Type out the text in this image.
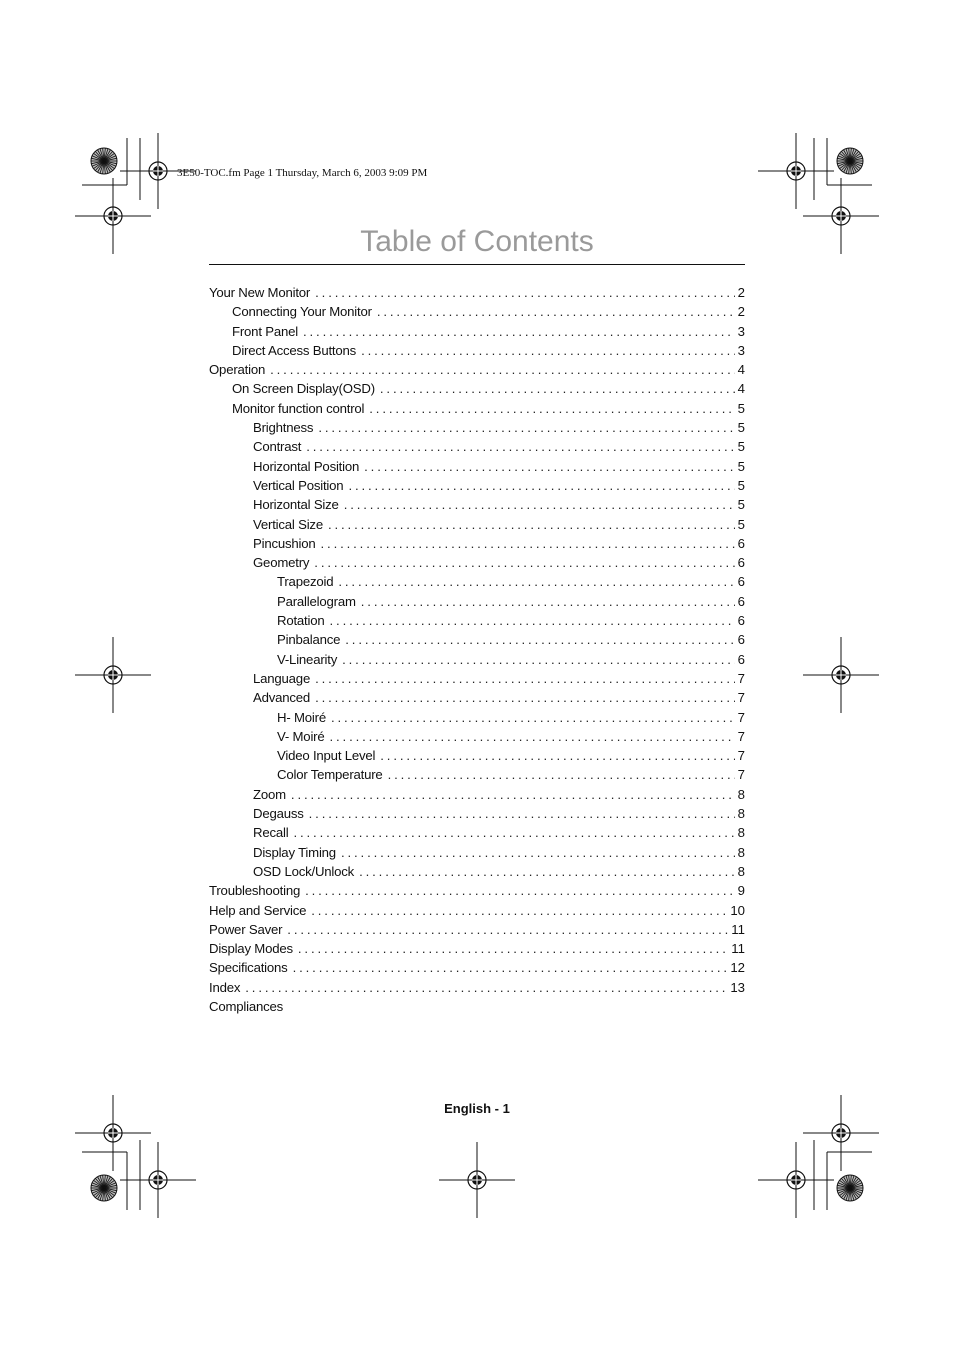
3E50-TOC.fm Page 1 Thursday, March 6, 2003 9:09 PM
Table of Contents
Your New Monitor . . .	2
Connecting Your Monitor . . .	2
Front Panel . . .	3
Direct Access Buttons . . .	3
Operation . . .	4
On Screen Display(OSD) . . .	4
Monitor function control . . .	5
Brightness . . .	5
Contrast . . .	5
Horizontal Position . . .	5
Vertical Position . . .	5
Horizontal Size . . .	5
Vertical Size . . .	5
Pincushion . . .	6
Geometry . . .	6
Trapezoid . . .	6
Parallelogram . . .	6
Rotation . . .	6
Pinbalance . . .	6
V-Linearity . . .	6
Language . . .	7
Advanced . . .	7
H- Moiré . . .	7
V- Moiré . . .	7
Video Input Level . . .	7
Color Temperature . . .	7
Zoom . . .	8
Degauss . . .	8
Recall . . .	8
Display Timing . . .	8
OSD Lock/Unlock . . .	8
Troubleshooting . . .	9
Help and Service . . .	10
Power Saver . . .	11
Display Modes . . .	11
Specifications . . .	12
Index . . .	13
Compliances
English - 1
